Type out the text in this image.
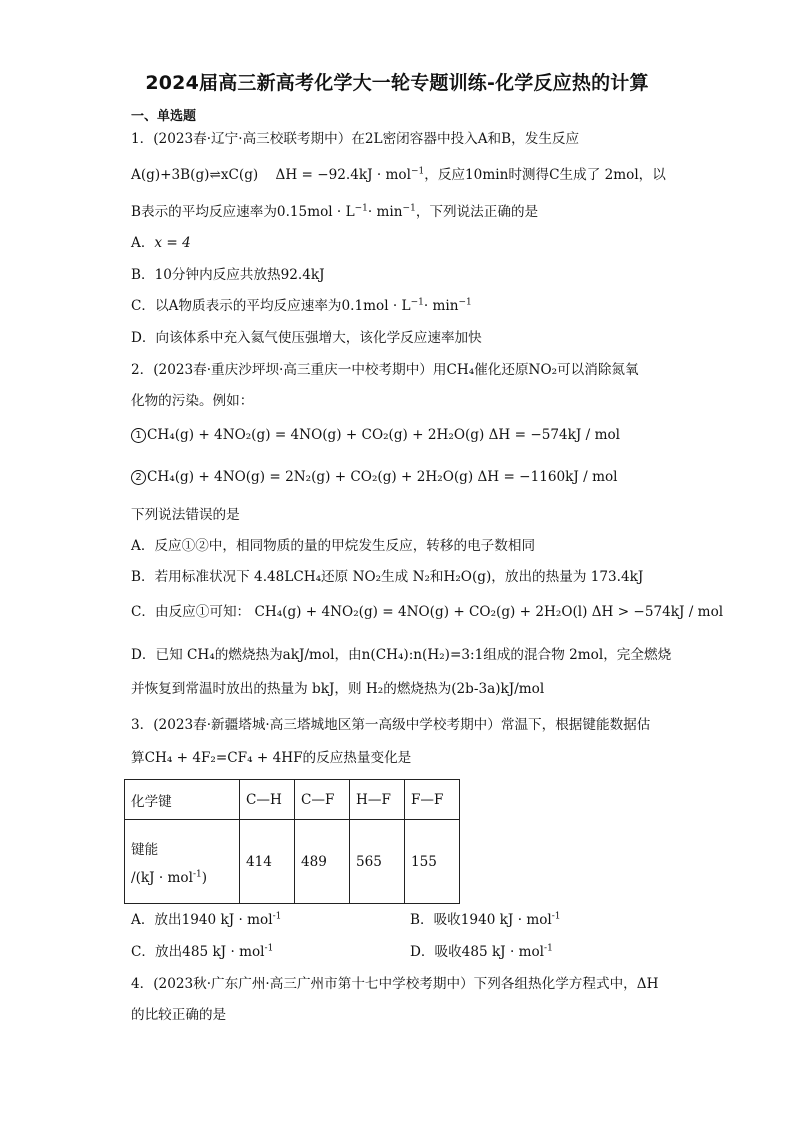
2024届高三新高考化学大一轮专题训练-化学反应热的计算
一、单选题
1．(2023春·辽宁·高三校联考期中）在2L密闭容器中投入A和B，发生反应
A(g)+3B(g)⇌xC(g) ΔH = −92.4kJ · mol$^{-1}$，反应10min时测得C生成了 2mol，以
B表示的平均反应速率为$0.15mol \cdot L^{-1}\cdot \min^{-1}$，下列说法正确的是
A．x = 4
B．10分钟内反应共放热92.4kJ
C．以A物质表示的平均反应速率为$0.1mol \cdot L^{-1}\cdot \min^{-1}$
D．向该体系中充入氦气使压强增大，该化学反应速率加快
2．(2023春·重庆沙坪坝·高三重庆一中校考期中）用CH₄催化还原NO₂可以消除氮氧
化物的污染。例如：
1 CH₄(g) + 4NO₂(g) = 4NO(g) + CO₂(g) + 2H₂O(g) ΔH = −574kJ / mol
2 CH₄(g) + 4NO(g) = 2N₂(g) + CO₂(g) + 2H₂O(g) ΔH = −1160kJ / mol
下列说法错误的是
A．反应①②中，相同物质的量的甲烷发生反应，转移的电子数相同
B．若用标准状况下 4.48LCH₄还原 NO₂生成 N₂和H₂O(g)，放出的热量为 173.4kJ
C．由反应①可知： CH₄(g) + 4NO₂(g) = 4NO(g) + CO₂(g) + 2H₂O(l) ΔH > −574kJ / mol
D．已知 CH₄的燃烧热为akJ/mol，由n(CH₄):n(H₂)=3:1组成的混合物 2mol，完全燃烧
并恢复到常温时放出的热量为 bkJ，则 H₂的燃烧热为(2b-3a)kJ/mol
3．(2023春·新疆塔城·高三塔城地区第一高级中学校考期中）常温下，根据键能数据估
算CH₄ + 4F₂=CF₄ + 4HF的反应热量变化是
化学键	C—H	C—F	H—F	F—F

键能
/(kJ · mol$^{-1}$)	414	489	565	155
A．放出1940 kJ · mol$^{-1}$	B．吸收1940 kJ · mol$^{-1}$
C．放出485 kJ · mol$^{-1}$	D．吸收485 kJ · mol$^{-1}$
4．(2023秋·广东广州·高三广州市第十七中学校考期中）下列各组热化学方程式中，ΔH
的比较正确的是
